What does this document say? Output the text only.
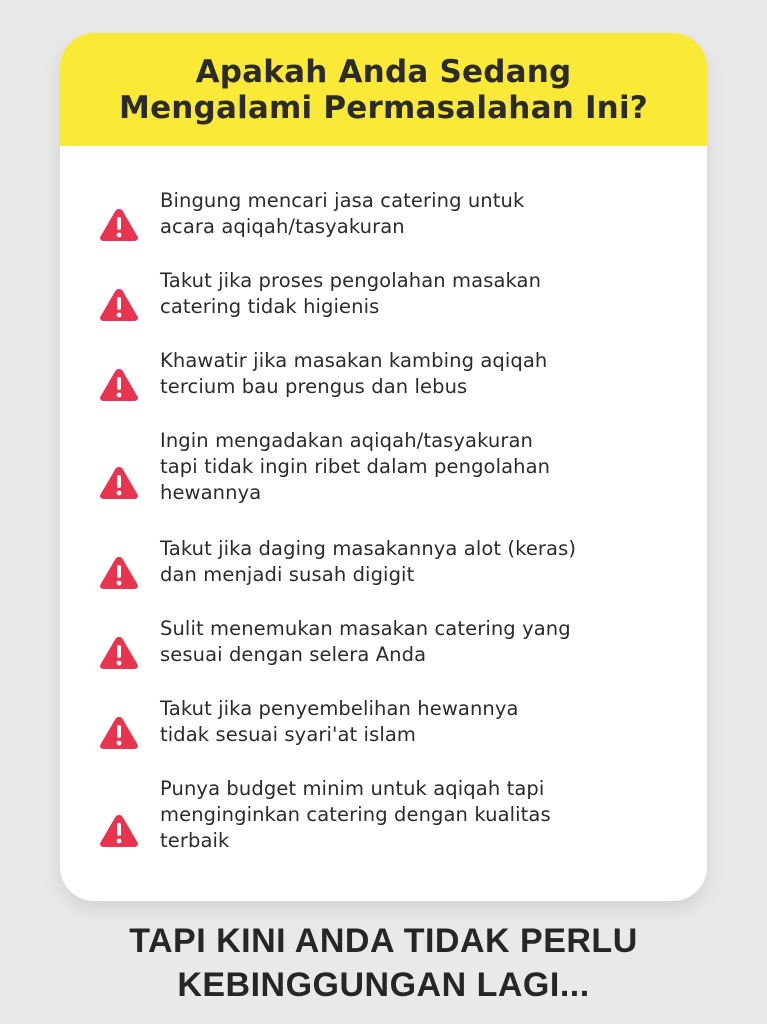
Apakah Anda Sedang
Mengalami Permasalahan Ini?
Bingung mencari jasa catering untuk
acara aqiqah/tasyakuran
Takut jika proses pengolahan masakan
catering tidak higienis
Khawatir jika masakan kambing aqiqah
tercium bau prengus dan lebus
Ingin mengadakan aqiqah/tasyakuran
tapi tidak ingin ribet dalam pengolahan
hewannya
Takut jika daging masakannya alot (keras)
dan menjadi susah digigit
Sulit menemukan masakan catering yang
sesuai dengan selera Anda
Takut jika penyembelihan hewannya
tidak sesuai syari'at islam
Punya budget minim untuk aqiqah tapi
menginginkan catering dengan kualitas
terbaik
TAPI KINI ANDA TIDAK PERLU
KEBINGGUNGAN LAGI...
